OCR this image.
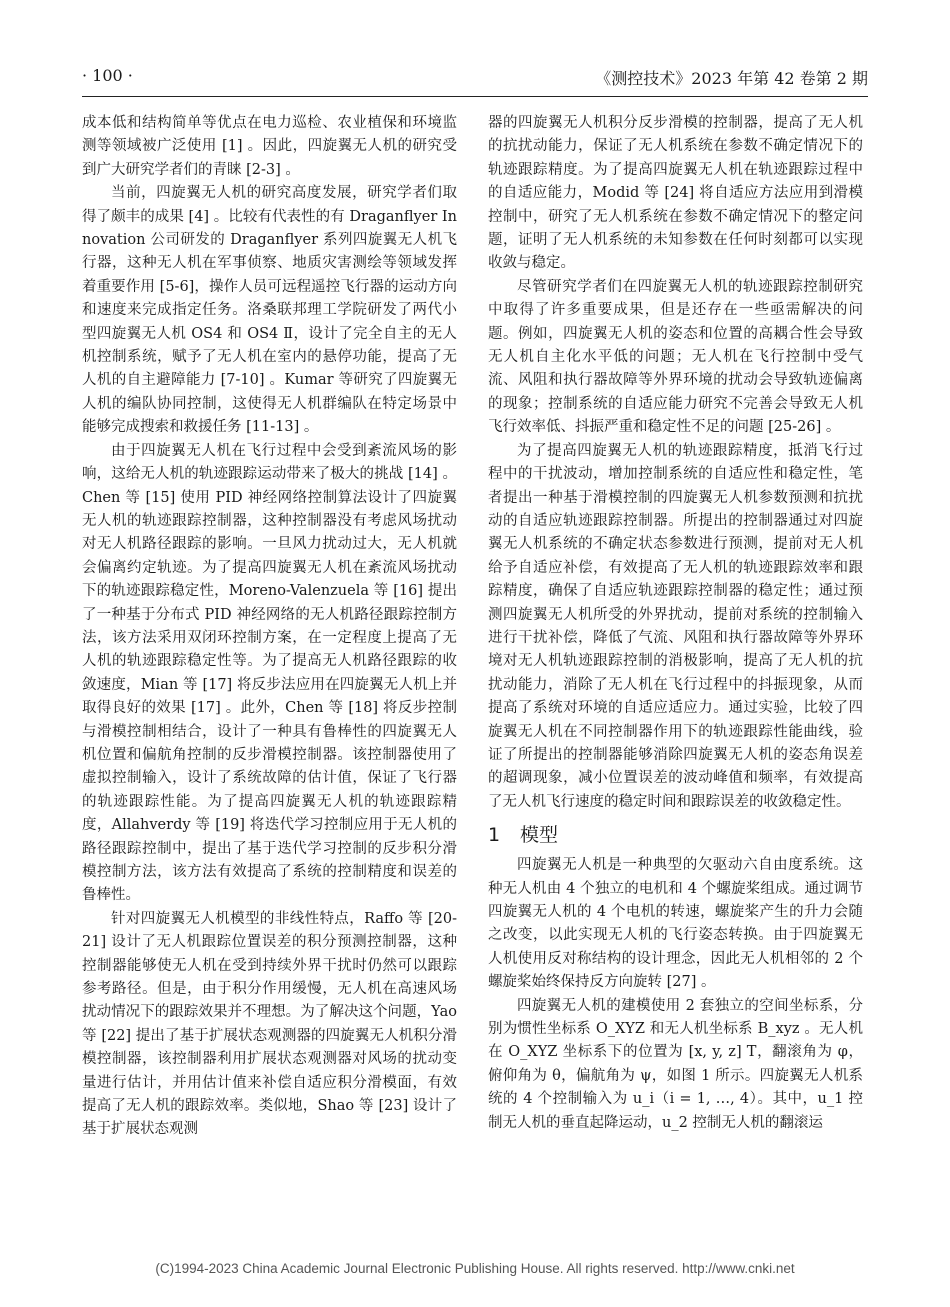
· 100 ·	《测控技术》2023 年第 42 卷第 2 期

成本低和结构简单等优点在电力巡检、农业植保和环境监测等领域被广泛使用 [1] 。因此，四旋翼无人机的研究受到广大研究学者们的青睐 [2-3] 。

当前，四旋翼无人机的研究高度发展，研究学者们取得了颇丰的成果 [4] 。比较有代表性的有 Draganflyer Innovation 公司研发的 Draganflyer 系列四旋翼无人机飞行器，这种无人机在军事侦察、地质灾害测绘等领域发挥着重要作用 [5-6]，操作人员可远程遥控飞行器的运动方向和速度来完成指定任务。洛桑联邦理工学院研发了两代小型四旋翼无人机 OS4 和 OS4 Ⅱ，设计了完全自主的无人机控制系统，赋予了无人机在室内的悬停功能，提高了无人机的自主避障能力 [7-10] 。Kumar 等研究了四旋翼无人机的编队协同控制，这使得无人机群编队在特定场景中能够完成搜索和救援任务 [11-13] 。

由于四旋翼无人机在飞行过程中会受到紊流风场的影响，这给无人机的轨迹跟踪运动带来了极大的挑战 [14] 。Chen 等 [15] 使用 PID 神经网络控制算法设计了四旋翼无人机的轨迹跟踪控制器，这种控制器没有考虑风场扰动对无人机路径跟踪的影响。一旦风力扰动过大，无人机就会偏离约定轨迹。为了提高四旋翼无人机在紊流风场扰动下的轨迹跟踪稳定性，Moreno-Valenzuela 等 [16] 提出了一种基于分布式 PID 神经网络的无人机路径跟踪控制方法，该方法采用双闭环控制方案，在一定程度上提高了无人机的轨迹跟踪稳定性等。为了提高无人机路径跟踪的收敛速度，Mian 等 [17] 将反步法应用在四旋翼无人机上并取得良好的效果 [17] 。此外，Chen 等 [18] 将反步控制与滑模控制相结合，设计了一种具有鲁棒性的四旋翼无人机位置和偏航角控制的反步滑模控制器。该控制器使用了虚拟控制输入，设计了系统故障的估计值，保证了飞行器的轨迹跟踪性能。为了提高四旋翼无人机的轨迹跟踪精度，Allahverdy 等 [19] 将迭代学习控制应用于无人机的路径跟踪控制中，提出了基于迭代学习控制的反步积分滑模控制方法，该方法有效提高了系统的控制精度和误差的鲁棒性。

针对四旋翼无人机模型的非线性特点，Raffo 等 [20-21] 设计了无人机跟踪位置误差的积分预测控制器，这种控制器能够使无人机在受到持续外界干扰时仍然可以跟踪参考路径。但是，由于积分作用缓慢，无人机在高速风场扰动情况下的跟踪效果并不理想。为了解决这个问题，Yao 等 [22] 提出了基于扩展状态观测器的四旋翼无人机积分滑模控制器，该控制器利用扩展状态观测器对风场的扰动变量进行估计，并用估计值来补偿自适应积分滑模面，有效提高了无人机的跟踪效率。类似地，Shao 等 [23] 设计了基于扩展状态观测

器的四旋翼无人机积分反步滑模的控制器，提高了无人机的抗扰动能力，保证了无人机系统在参数不确定情况下的轨迹跟踪精度。为了提高四旋翼无人机在轨迹跟踪过程中的自适应能力，Modid 等 [24] 将自适应方法应用到滑模控制中，研究了无人机系统在参数不确定情况下的整定问题，证明了无人机系统的未知参数在任何时刻都可以实现收敛与稳定。

尽管研究学者们在四旋翼无人机的轨迹跟踪控制研究中取得了许多重要成果，但是还存在一些亟需解决的问题。例如，四旋翼无人机的姿态和位置的高耦合性会导致无人机自主化水平低的问题；无人机在飞行控制中受气流、风阻和执行器故障等外界环境的扰动会导致轨迹偏离的现象；控制系统的自适应能力研究不完善会导致无人机飞行效率低、抖振严重和稳定性不足的问题 [25-26] 。

为了提高四旋翼无人机的轨迹跟踪精度，抵消飞行过程中的干扰波动，增加控制系统的自适应性和稳定性，笔者提出一种基于滑模控制的四旋翼无人机参数预测和抗扰动的自适应轨迹跟踪控制器。所提出的控制器通过对四旋翼无人机系统的不确定状态参数进行预测，提前对无人机给予自适应补偿，有效提高了无人机的轨迹跟踪效率和跟踪精度，确保了自适应轨迹跟踪控制器的稳定性；通过预测四旋翼无人机所受的外界扰动，提前对系统的控制输入进行干扰补偿，降低了气流、风阻和执行器故障等外界环境对无人机轨迹跟踪控制的消极影响，提高了无人机的抗扰动能力，消除了无人机在飞行过程中的抖振现象，从而提高了系统对环境的自适应适应力。通过实验，比较了四旋翼无人机在不同控制器作用下的轨迹跟踪性能曲线，验证了所提出的控制器能够消除四旋翼无人机的姿态角误差的超调现象，减小位置误差的波动峰值和频率，有效提高了无人机飞行速度的稳定时间和跟踪误差的收敛稳定性。

1 模型

四旋翼无人机是一种典型的欠驱动六自由度系统。这种无人机由 4 个独立的电机和 4 个螺旋桨组成。通过调节四旋翼无人机的 4 个电机的转速，螺旋桨产生的升力会随之改变，以此实现无人机的飞行姿态转换。由于四旋翼无人机使用反对称结构的设计理念，因此无人机相邻的 2 个螺旋桨始终保持反方向旋转 [27] 。

四旋翼无人机的建模使用 2 套独立的空间坐标系，分别为惯性坐标系 O_XYZ 和无人机坐标系 B_xyz 。无人机在 O_XYZ 坐标系下的位置为 [x, y, z] T，翻滚角为 φ，俯仰角为 θ，偏航角为 ψ，如图 1 所示。四旋翼无人机系统的 4 个控制输入为 u_i（i = 1, …, 4）。其中，u_1 控制无人机的垂直起降运动，u_2 控制无人机的翻滚运

(C)1994-2023 China Academic Journal Electronic Publishing House. All rights reserved. http://www.cnki.net
